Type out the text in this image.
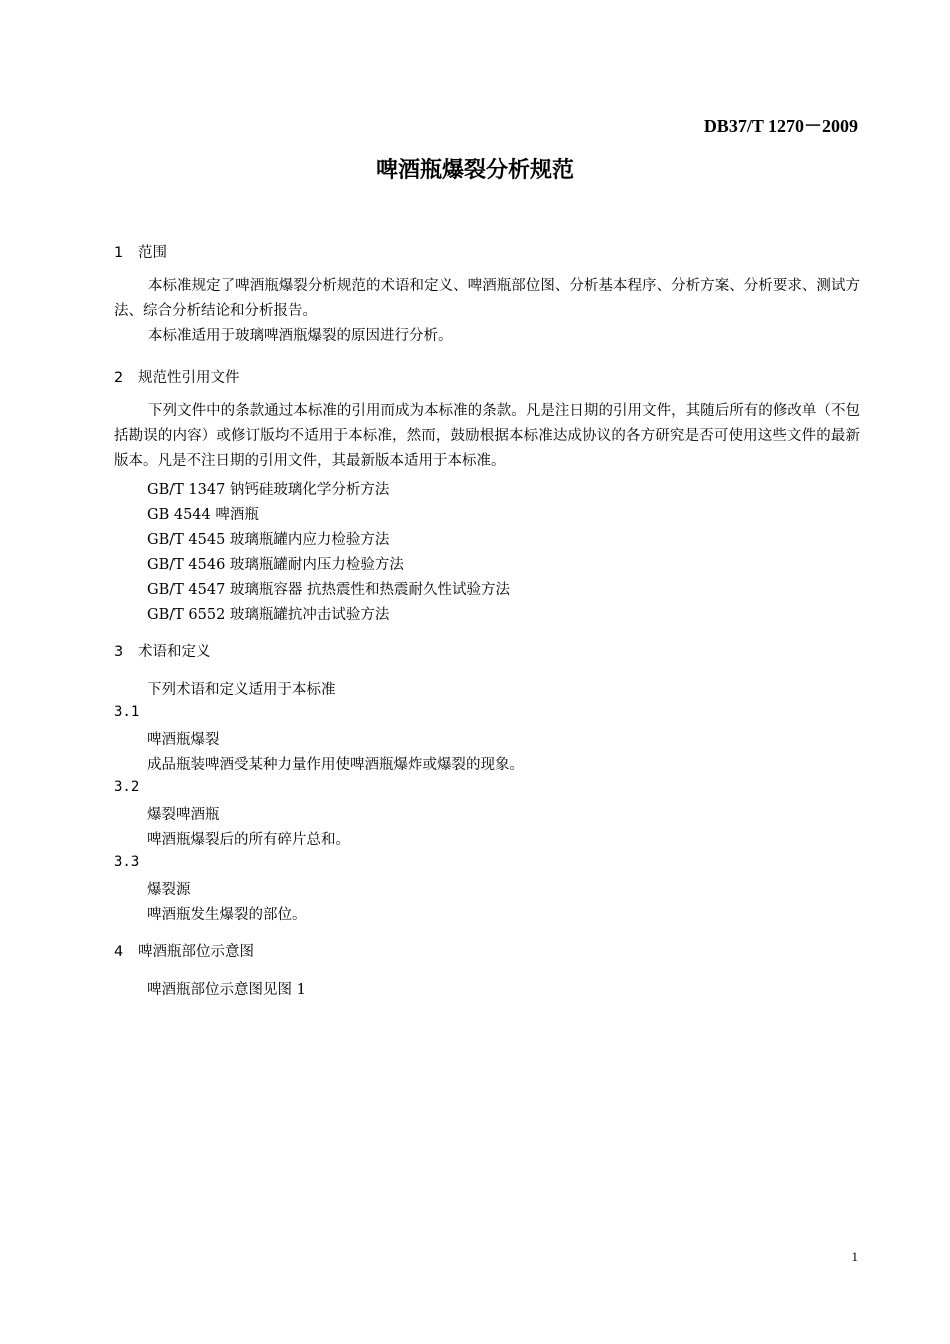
DB37/T 1270－2009
啤酒瓶爆裂分析规范
1 范围
本标准规定了啤酒瓶爆裂分析规范的术语和定义、啤酒瓶部位图、分析基本程序、分析方案、分析要求、测试方法、综合分析结论和分析报告。
本标准适用于玻璃啤酒瓶爆裂的原因进行分析。
2 规范性引用文件
下列文件中的条款通过本标准的引用而成为本标准的条款。凡是注日期的引用文件，其随后所有的修改单（不包括勘误的内容）或修订版均不适用于本标准，然而，鼓励根据本标准达成协议的各方研究是否可使用这些文件的最新版本。凡是不注日期的引用文件，其最新版本适用于本标准。
GB/T 1347 钠钙硅玻璃化学分析方法
GB 4544 啤酒瓶
GB/T 4545 玻璃瓶罐内应力检验方法
GB/T 4546 玻璃瓶罐耐内压力检验方法
GB/T 4547 玻璃瓶容器 抗热震性和热震耐久性试验方法
GB/T 6552 玻璃瓶罐抗冲击试验方法
3 术语和定义
下列术语和定义适用于本标准
3.1
啤酒瓶爆裂
成品瓶装啤酒受某种力量作用使啤酒瓶爆炸或爆裂的现象。
3.2
爆裂啤酒瓶
啤酒瓶爆裂后的所有碎片总和。
3.3
爆裂源
啤酒瓶发生爆裂的部位。
4 啤酒瓶部位示意图
啤酒瓶部位示意图见图 1
1
